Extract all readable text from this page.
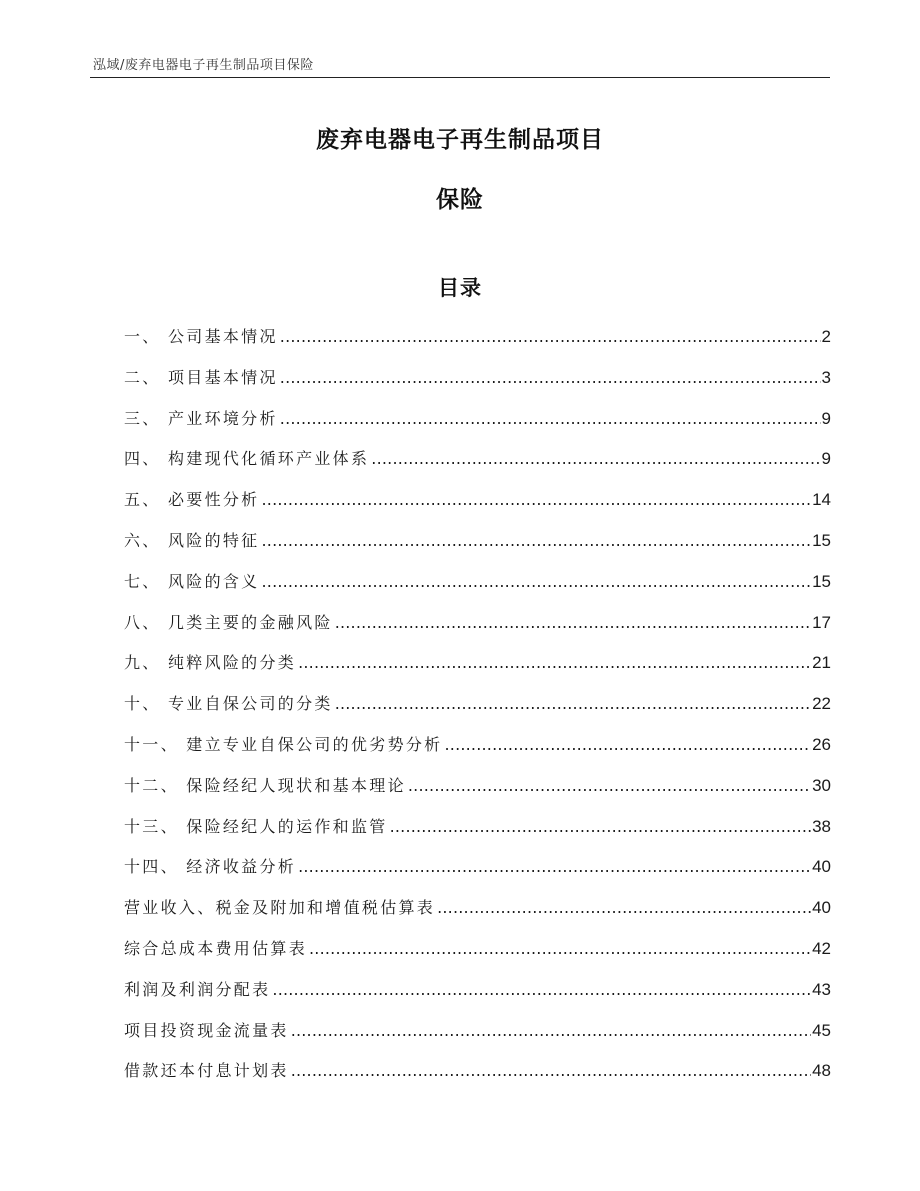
泓域/废弃电器电子再生制品项目保险
废弃电器电子再生制品项目
保险
目录
一、 公司基本情况 .....	2
二、 项目基本情况 .....	3
三、 产业环境分析 .....	9
四、 构建现代化循环产业体系 .....	9
五、 必要性分析 .....	14
六、 风险的特征 .....	15
七、 风险的含义 .....	15
八、 几类主要的金融风险 .....	17
九、 纯粹风险的分类 .....	21
十、 专业自保公司的分类 .....	22
十一、 建立专业自保公司的优劣势分析 .....	26
十二、 保险经纪人现状和基本理论 .....	30
十三、 保险经纪人的运作和监管 .....	38
十四、 经济收益分析 .....	40
营业收入、税金及附加和增值税估算表 .....	40
综合总成本费用估算表 .....	42
利润及利润分配表 .....	43
项目投资现金流量表 .....	45
借款还本付息计划表 .....	48
